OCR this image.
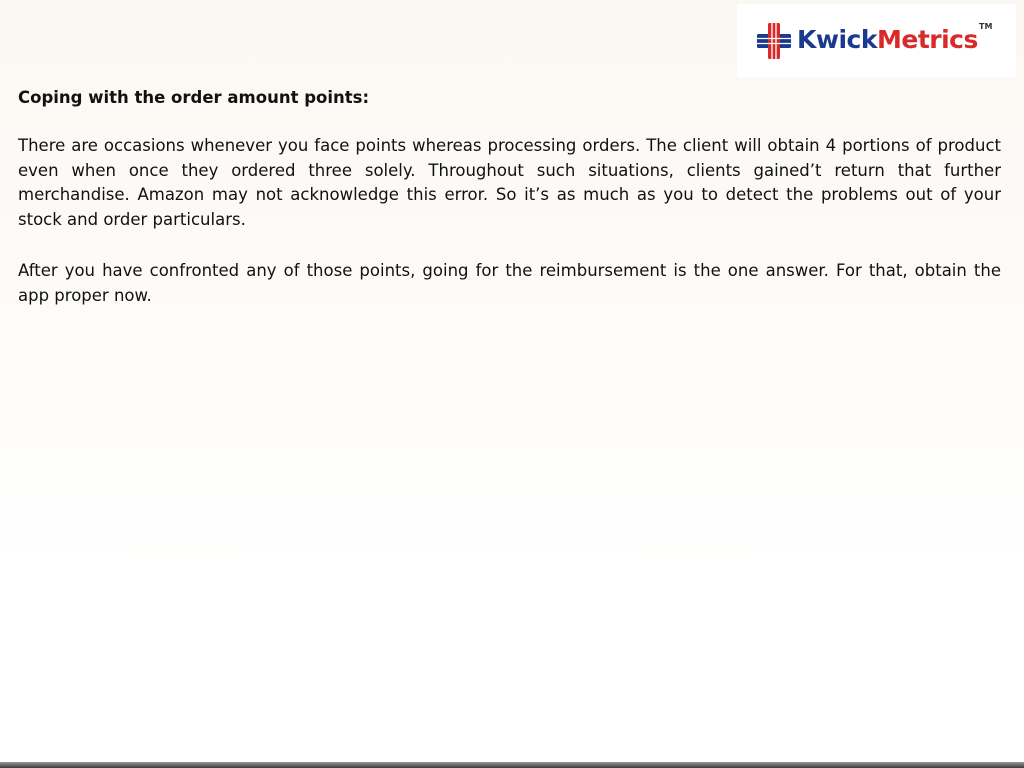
KwickMetrics TM

Coping with the order amount points:

There are occasions whenever you face points whereas processing orders. The client will obtain 4 portions of product even when once they ordered three solely. Throughout such situations, clients gained’t return that further merchandise. Amazon may not acknowledge this error. So it’s as much as you to detect the problems out of your stock and order particulars.

After you have confronted any of those points, going for the reimbursement is the one answer. For that, obtain the app proper now.
